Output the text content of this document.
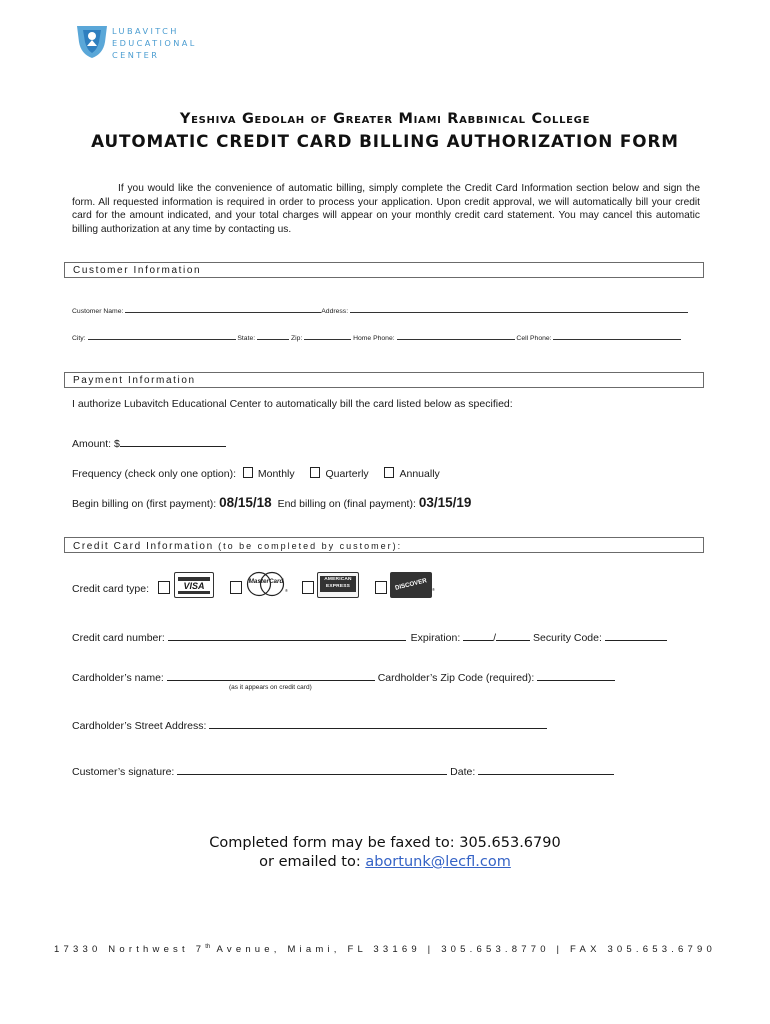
LUBAVITCH
EDUCATIONAL
CENTER
Yeshiva Gedolah of Greater Miami Rabbinical College
AUTOMATIC CREDIT CARD BILLING AUTHORIZATION FORM
If you would like the convenience of automatic billing, simply complete the Credit Card Information section below and sign the form. All requested information is required in order to process your application. Upon credit approval, we will automatically bill your credit card for the amount indicated, and your total charges will appear on your monthly credit card statement. You may cancel this automatic billing authorization at any time by contacting us.
Customer Information
Customer Name:	Address:
City:	State:	Zip:	Home Phone:	Cell Phone:
Payment Information
I authorize Lubavitch Educational Center to automatically bill the card listed below as specified:
Amount: $
Frequency (check only one option): Monthly	Quarterly	Annually
Begin billing on (first payment): 08/15/18 End billing on (final payment): 03/15/19
Credit Card Information (to be completed by customer):
Credit card type:	VISA	MasterCard
®
AMERICAN
EXPRESS	DISCOVER	®
Credit card number:	Expiration:	/	Security Code:
Cardholder’s name:	Cardholder’s Zip Code (required):
(as it appears on credit card)
Cardholder’s Street Address:
Customer’s signature:	Date:
Completed form may be faxed to: 305.653.6790
or emailed to: abortunk@lecfl.com
17330 Northwest 7th Avenue, Miami, FL 33169 | 305.653.8770 | FAX 305.653.6790
